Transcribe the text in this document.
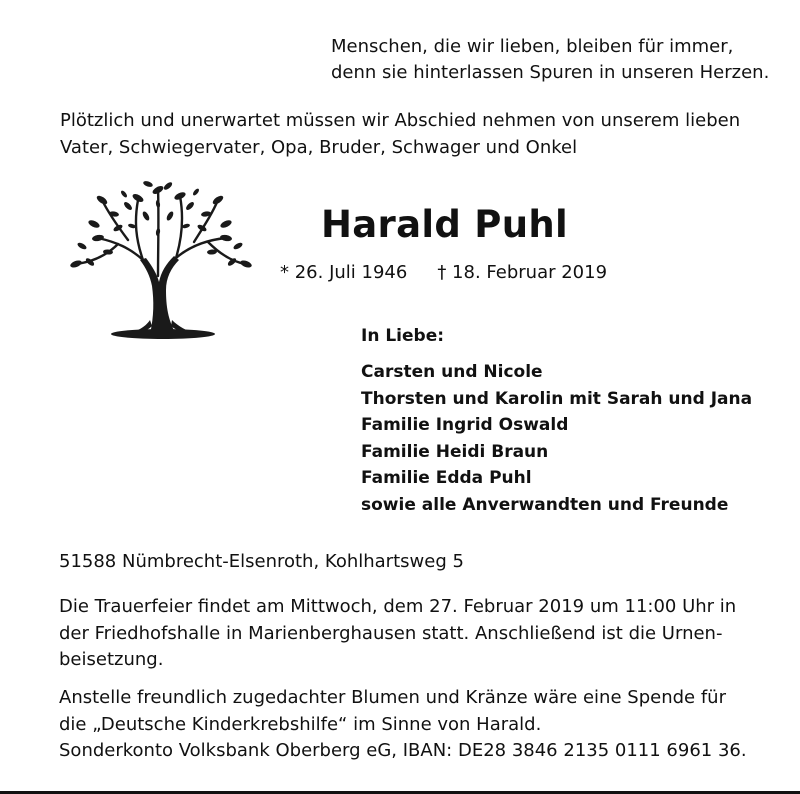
Menschen, die wir lieben, bleiben für immer,
denn sie hinterlassen Spuren in unseren Herzen.
Plötzlich und unerwartet müssen wir Abschied nehmen von unserem lieben
Vater, Schwiegervater, Opa, Bruder, Schwager und Onkel
Harald Puhl
* 26. Juli 1946 † 18. Februar 2019
In Liebe:
Carsten und Nicole
Thorsten und Karolin mit Sarah und Jana
Familie Ingrid Oswald
Familie Heidi Braun
Familie Edda Puhl
sowie alle Anverwandten und Freunde
51588 Nümbrecht-Elsenroth, Kohlhartsweg 5
Die Trauerfeier findet am Mittwoch, dem 27. Februar 2019 um 11:00 Uhr in
der Friedhofshalle in Marienberghausen statt. Anschließend ist die Urnen-
beisetzung.
Anstelle freundlich zugedachter Blumen und Kränze wäre eine Spende für
die „Deutsche Kinderkrebshilfe“ im Sinne von Harald.
Sonderkonto Volksbank Oberberg eG, IBAN: DE28 3846 2135 0111 6961 36.
